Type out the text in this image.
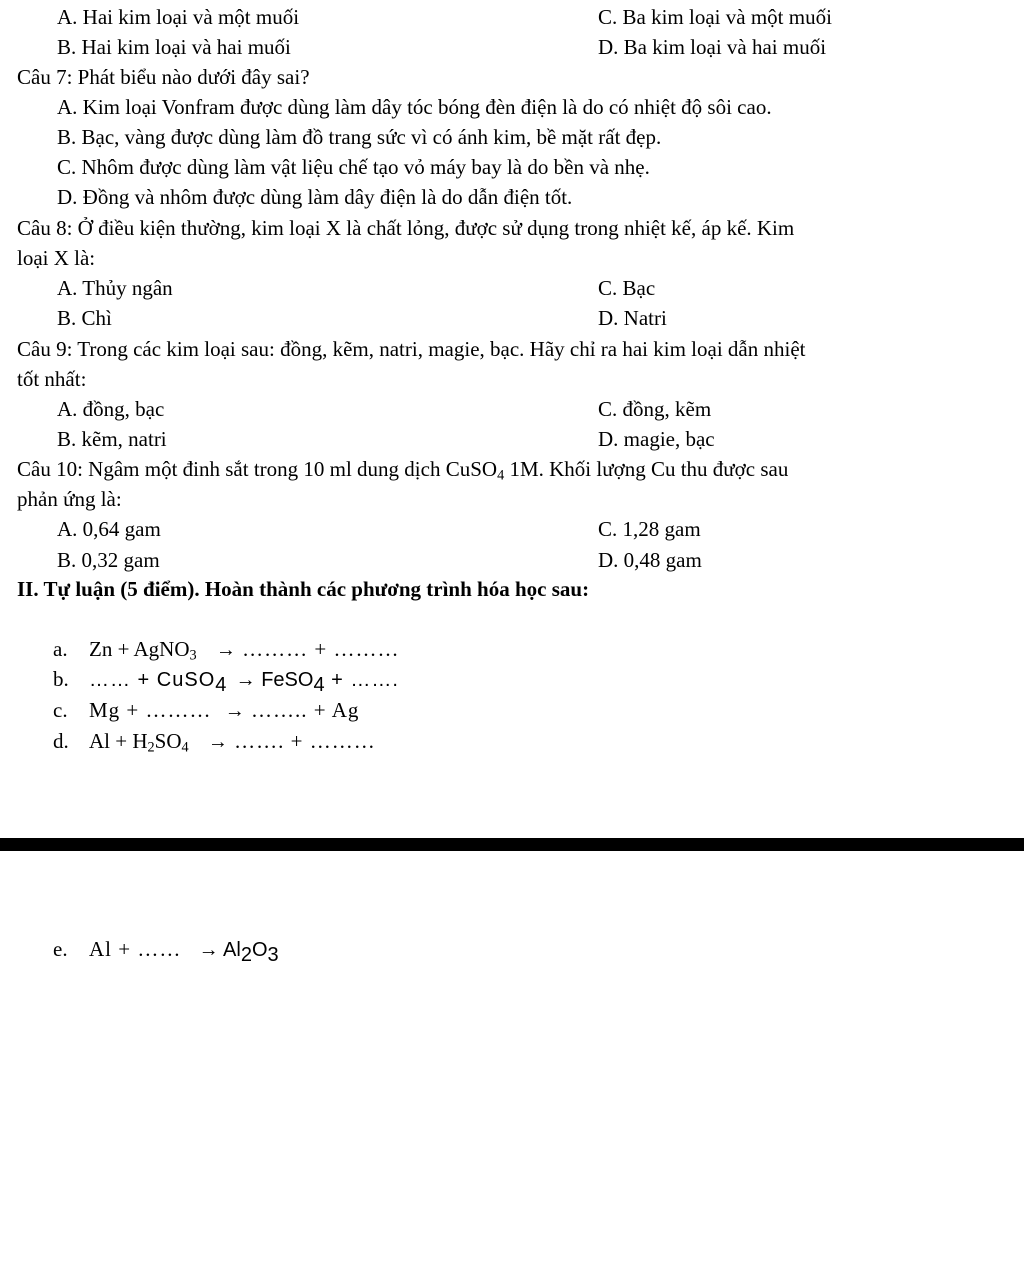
A. Hai kim loại và một muối	C. Ba kim loại và một muối
B. Hai kim loại và hai muối	D. Ba kim loại và hai muối
Câu 7: Phát biểu nào dưới đây sai?
A. Kim loại Vonfram được dùng làm dây tóc bóng đèn điện là do có nhiệt độ sôi cao.
B. Bạc, vàng được dùng làm đồ trang sức vì có ánh kim, bề mặt rất đẹp.
C. Nhôm được dùng làm vật liệu chế tạo vỏ máy bay là do bền và nhẹ.
D. Đồng và nhôm được dùng làm dây điện là do dẫn điện tốt.
Câu 8: Ở điều kiện thường, kim loại X là chất lỏng, được sử dụng trong nhiệt kế, áp kế. Kim
loại X là:
A. Thủy ngân	C. Bạc
B. Chì	D. Natri
Câu 9: Trong các kim loại sau: đồng, kẽm, natri, magie, bạc. Hãy chỉ ra hai kim loại dẫn nhiệt
tốt nhất:
A. đồng, bạc	C. đồng, kẽm
B. kẽm, natri	D. magie, bạc
Câu 10: Ngâm một đinh sắt trong 10 ml dung dịch CuSO$_4$ 1M. Khối lượng Cu thu được sau
phản ứng là:
A. 0,64 gam	C. 1,28 gam
B. 0,32 gam	D. 0,48 gam
II. Tự luận (5 điểm). Hoàn thành các phương trình hóa học sau:
a. Zn + AgNO$_3$ → ……… + ………
b. …… + CuSO$_4$ → FeSO$_4$ + …….
c. Mg + ……… → …….. + Ag
d. $Al + H_2SO_4$ → ……. + ………
e. Al + …… → $Al_2O_3$
